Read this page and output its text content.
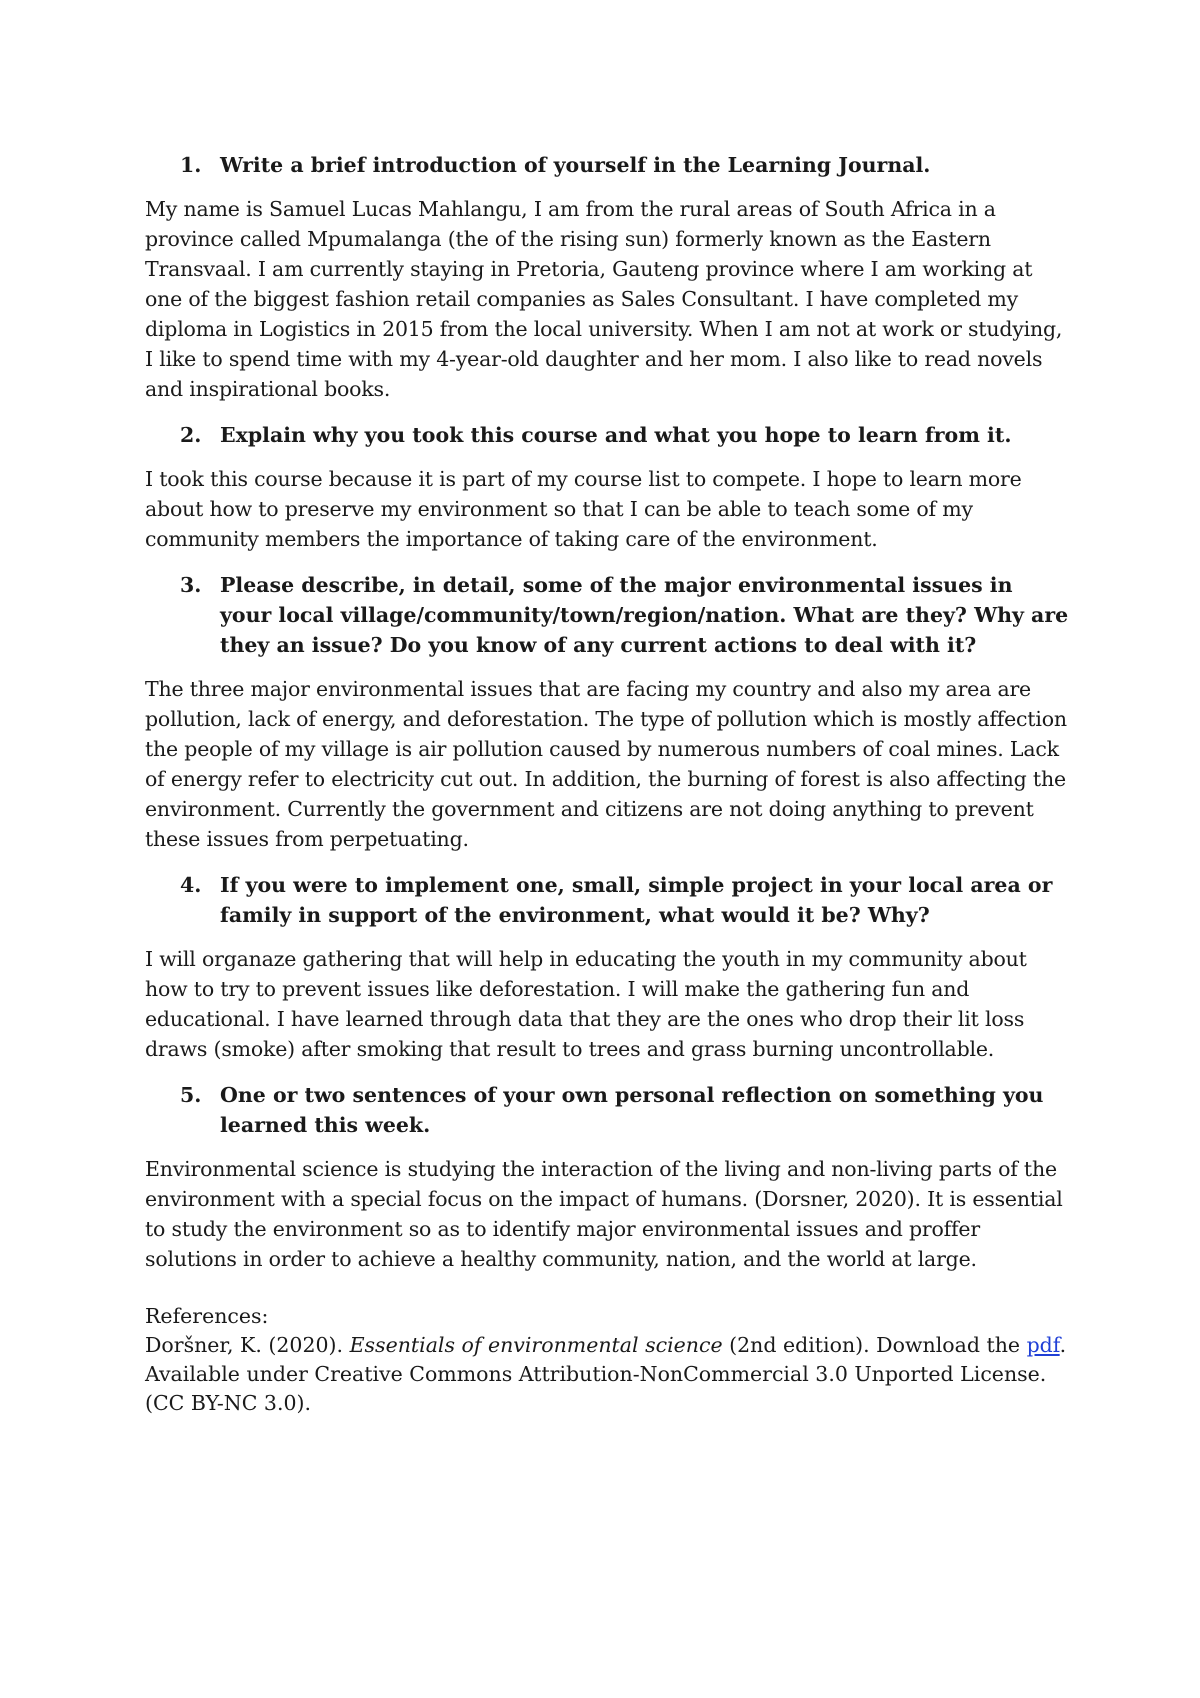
1. Write a brief introduction of yourself in the Learning Journal.

My name is Samuel Lucas Mahlangu, I am from the rural areas of South Africa in a province called Mpumalanga (the of the rising sun) formerly known as the Eastern Transvaal. I am currently staying in Pretoria, Gauteng province where I am working at one of the biggest fashion retail companies as Sales Consultant. I have completed my diploma in Logistics in 2015 from the local university. When I am not at work or studying, I like to spend time with my 4-year-old daughter and her mom. I also like to read novels and inspirational books.

2. Explain why you took this course and what you hope to learn from it.

I took this course because it is part of my course list to compete. I hope to learn more about how to preserve my environment so that I can be able to teach some of my community members the importance of taking care of the environment.

3. Please describe, in detail, some of the major environmental issues in your local village/community/town/region/nation. What are they? Why are they an issue? Do you know of any current actions to deal with it?

The three major environmental issues that are facing my country and also my area are pollution, lack of energy, and deforestation. The type of pollution which is mostly affection the people of my village is air pollution caused by numerous numbers of coal mines. Lack of energy refer to electricity cut out. In addition, the burning of forest is also affecting the environment. Currently the government and citizens are not doing anything to prevent these issues from perpetuating.

4. If you were to implement one, small, simple project in your local area or family in support of the environment, what would it be? Why?

I will organaze gathering that will help in educating the youth in my community about how to try to prevent issues like deforestation. I will make the gathering fun and educational. I have learned through data that they are the ones who drop their lit loss draws (smoke) after smoking that result to trees and grass burning uncontrollable.

5. One or two sentences of your own personal reflection on something you learned this week.

Environmental science is studying the interaction of the living and non-living parts of the environment with a special focus on the impact of humans. (Dorsner, 2020). It is essential to study the environment so as to identify major environmental issues and proffer solutions in order to achieve a healthy community, nation, and the world at large.

References:
Doršner, K. (2020). Essentials of environmental science (2nd edition). Download the pdf. Available under Creative Commons Attribution-NonCommercial 3.0 Unported License. (CC BY-NC 3.0).
